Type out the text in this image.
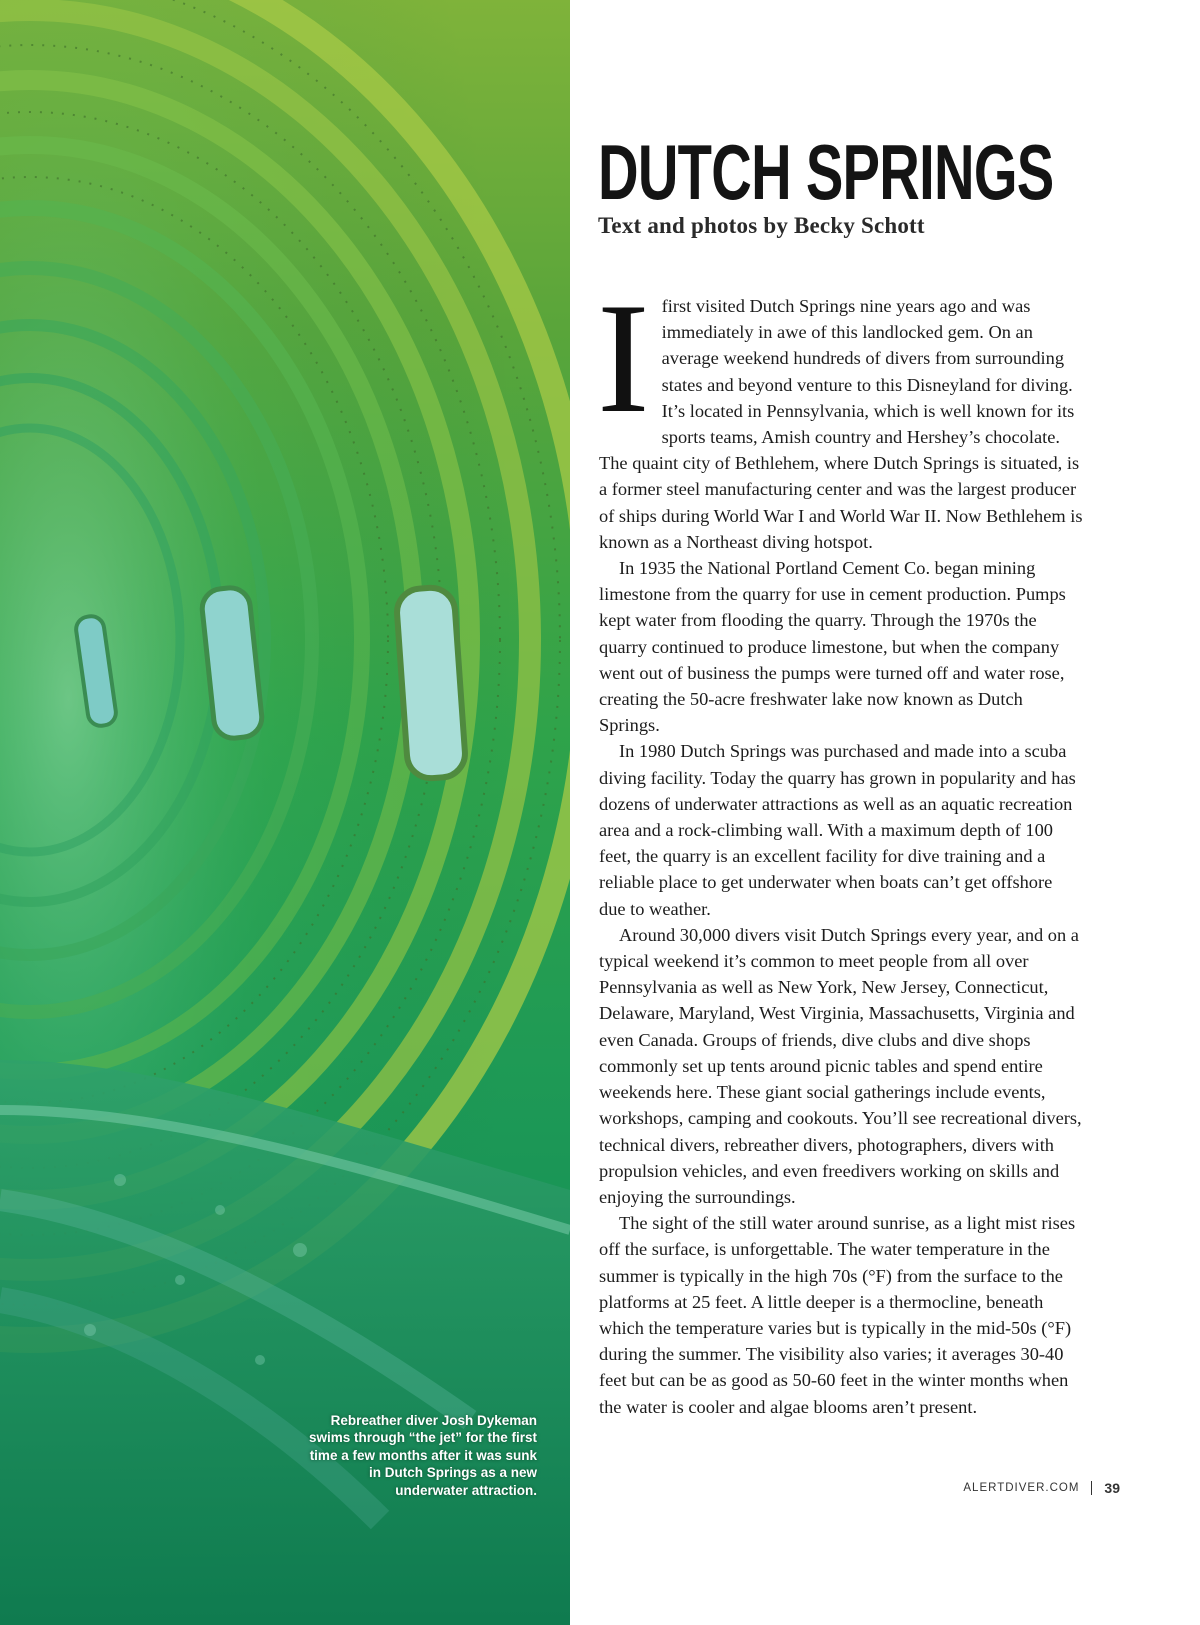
Rebreather diver Josh Dykeman swims through “the jet” for the first time a few months after it was sunk in Dutch Springs as a new underwater attraction.
DUTCH SPRINGS
Text and photos by Becky Schott

Ifirst visited Dutch Springs nine years ago and was immediately in awe of this landlocked gem. On an average weekend hundreds of divers from surrounding states and beyond venture to this Disneyland for diving. It’s located in Pennsylvania, which is well known for its sports teams, Amish country and Hershey’s chocolate. The quaint city of Bethlehem, where Dutch Springs is situated, is a former steel manufacturing center and was the largest producer of ships during World War I and World War II. Now Bethlehem is known as a Northeast diving hotspot.

In 1935 the National Portland Cement Co. began mining limestone from the quarry for use in cement production. Pumps kept water from flooding the quarry. Through the 1970s the quarry continued to produce limestone, but when the company went out of business the pumps were turned off and water rose, creating the 50-acre freshwater lake now known as Dutch Springs.

In 1980 Dutch Springs was purchased and made into a scuba diving facility. Today the quarry has grown in popularity and has dozens of underwater attractions as well as an aquatic recreation area and a rock-climbing wall. With a maximum depth of 100 feet, the quarry is an excellent facility for dive training and a reliable place to get underwater when boats can’t get offshore due to weather.

Around 30,000 divers visit Dutch Springs every year, and on a typical weekend it’s common to meet people from all over Pennsylvania as well as New York, New Jersey, Connecticut, Delaware, Maryland, West Virginia, Massachusetts, Virginia and even Canada. Groups of friends, dive clubs and dive shops commonly set up tents around picnic tables and spend entire weekends here. These giant social gatherings include events, workshops, camping and cookouts. You’ll see recreational divers, technical divers, rebreather divers, photographers, divers with propulsion vehicles, and even freedivers working on skills and enjoying the surroundings.

The sight of the still water around sunrise, as a light mist rises off the surface, is unforgettable. The water temperature in the summer is typically in the high 70s (°F) from the surface to the platforms at 25 feet. A little deeper is a thermocline, beneath which the temperature varies but is typically in the mid-50s (°F) during the summer. The visibility also varies; it averages 30-40 feet but can be as good as 50-60 feet in the winter months when the water is cooler and algae blooms aren’t present.

ALERTDIVER.COM 39
